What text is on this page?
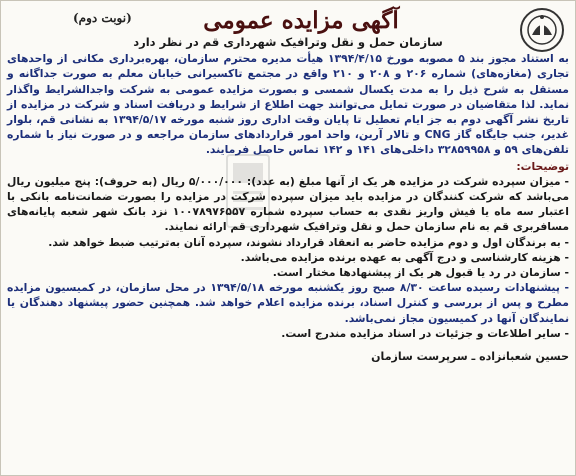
آگهی مزایده عمومی
(نوبت دوم)
سازمان حمل و نقل وترافیک شهرداری قم در نظر دارد

به استناد مجوز بند ۵ مصوبه مورخ ۱۳۹۴/۴/۱۵ هیأت مدیره محترم سازمان، بهره‌برداری مکانی از واحدهای تجاری (مغازه‌های) شماره ۲۰۶ و ۲۰۸ و ۲۱۰ واقع در مجتمع تاکسیرانی خیابان معلم به صورت جداگانه و مستقل به شرح ذیل را به مدت یکسال شمسی و بصورت مزایده عمومی به شرکت واجدالشرایط واگذار نماید. لذا متقاضیان در صورت تمایل می‌توانند جهت اطلاع از شرایط و دریافت اسناد و شرکت در مزایده از تاریخ نشر آگهی دوم به جز ایام تعطیل تا پایان وقت اداری روز شنبه مورخه ۱۳۹۴/۵/۱۷ به نشانی قم، بلوار غدیر، جنب جایگاه گاز CNG و تالار آرین، واحد امور قراردادهای سازمان مراجعه و در صورت نیاز با شماره تلفن‌های ۵۹ و ۳۲۸۵۹۹۵۸ داخلی‌های ۱۴۱ و ۱۴۲ تماس حاصل فرمایند.

توضیحات:

- میزان سپرده شرکت در مزایده هر یک از آنها مبلغ (به عدد): ۵/۰۰۰/۰۰۰ ریال (به حروف): پنج میلیون ریال می‌باشد که شرکت کنندگان در مزایده باید میزان سپرده شرکت در مزایده را بصورت ضمانت‌نامه بانکی با اعتبار سه ماه یا فیش واریز نقدی به حساب سپرده شماره ۱۰۰۷۸۹۷۶۵۵۷ نزد بانک شهر شعبه پایانه‌های مسافربری قم به نام سازمان حمل و نقل وترافیک شهرداری قم ارائه نمایند.

- به برندگان اول و دوم مزایده حاضر به انعقاد قرارداد نشوند، سپرده آنان به‌ترتیب ضبط خواهد شد.

- هزینه کارشناسی و درج آگهی به عهده برنده مزایده می‌باشد.

- سازمان در رد یا قبول هر یک از پیشنهادها مختار است.

- پیشنهادات رسیده ساعت ۸/۳۰ صبح روز یکشنبه مورخه ۱۳۹۴/۵/۱۸ در محل سازمان، در کمیسیون مزایده مطرح و پس از بررسی و کنترل اسناد، برنده مزایده اعلام خواهد شد. همچنین حضور پیشنهاد دهندگان یا نمایندگان آنها در کمیسیون مجاز نمی‌باشد.

- سایر اطلاعات و جزئیات در اسناد مزایده مندرج است.

حسین شعبانزاده ـ سرپرست سازمان
